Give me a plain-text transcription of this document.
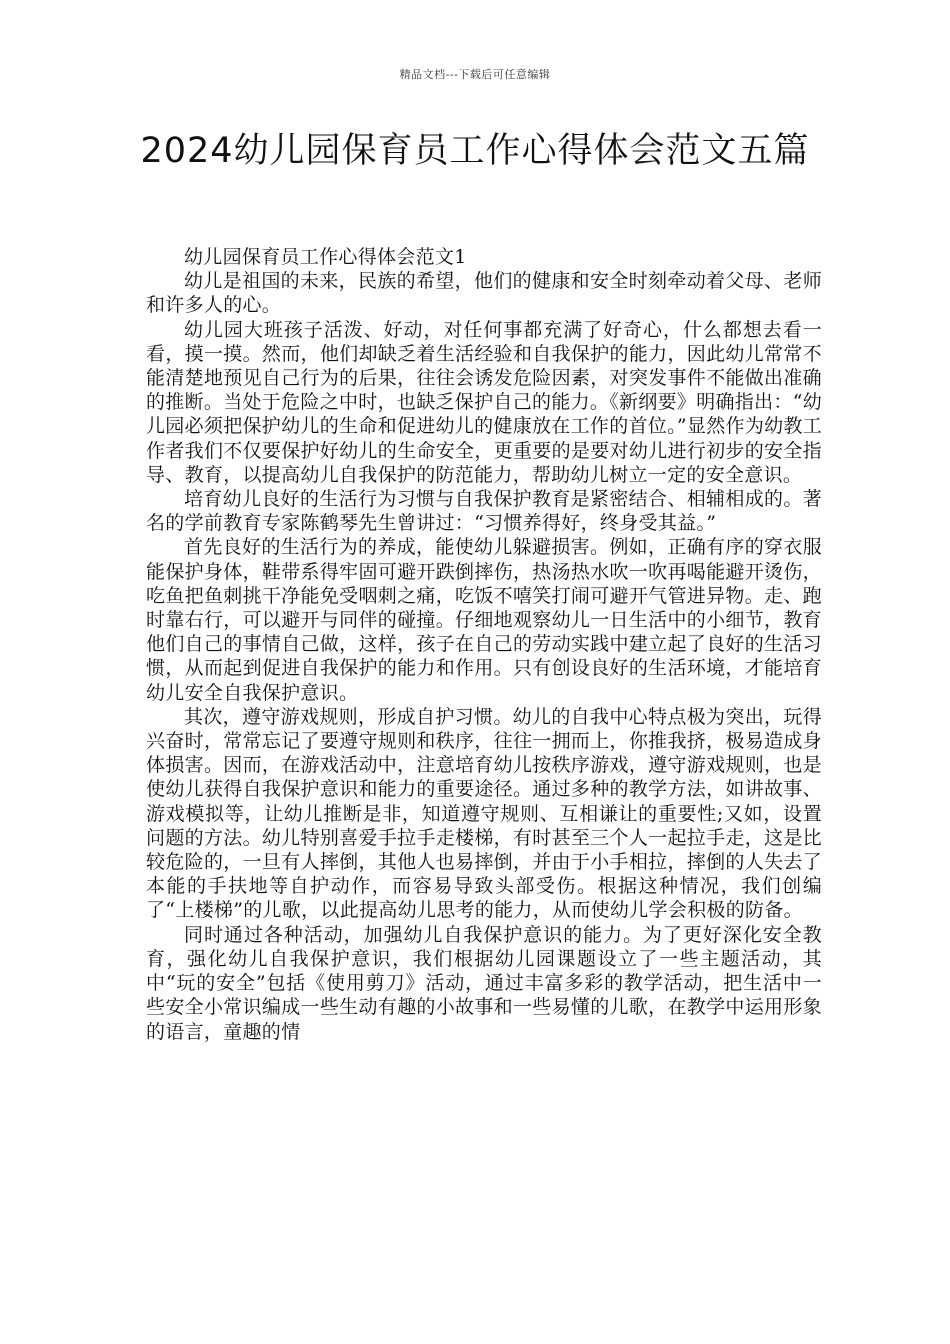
精品文档---下载后可任意编辑
2024幼儿园保育员工作心得体会范文五篇

幼儿园保育员工作心得体会范文1

幼儿是祖国的未来，民族的希望，他们的健康和安全时刻牵动着父母、老师和许多人的心。

幼儿园大班孩子活泼、好动，对任何事都充满了好奇心，什么都想去看一看，摸一摸。然而，他们却缺乏着生活经验和自我保护的能力，因此幼儿常常不能清楚地预见自己行为的后果，往往会诱发危险因素，对突发事件不能做出准确的推断。当处于危险之中时，也缺乏保护自己的能力。《新纲要》明确指出：“幼儿园必须把保护幼儿的生命和促进幼儿的健康放在工作的首位。”显然作为幼教工作者我们不仅要保护好幼儿的生命安全，更重要的是要对幼儿进行初步的安全指导、教育，以提高幼儿自我保护的防范能力，帮助幼儿树立一定的安全意识。

培育幼儿良好的生活行为习惯与自我保护教育是紧密结合、相辅相成的。著名的学前教育专家陈鹤琴先生曾讲过：“习惯养得好，终身受其益。”

首先良好的生活行为的养成，能使幼儿躲避损害。例如，正确有序的穿衣服能保护身体，鞋带系得牢固可避开跌倒摔伤，热汤热水吹一吹再喝能避开烫伤，吃鱼把鱼刺挑干净能免受咽刺之痛，吃饭不嘻笑打闹可避开气管进异物。走、跑时靠右行，可以避开与同伴的碰撞。仔细地观察幼儿一日生活中的小细节，教育他们自己的事情自己做，这样，孩子在自己的劳动实践中建立起了良好的生活习惯，从而起到促进自我保护的能力和作用。只有创设良好的生活环境，才能培育幼儿安全自我保护意识。

其次，遵守游戏规则，形成自护习惯。幼儿的自我中心特点极为突出，玩得兴奋时，常常忘记了要遵守规则和秩序，往往一拥而上，你推我挤，极易造成身体损害。因而，在游戏活动中，注意培育幼儿按秩序游戏，遵守游戏规则，也是使幼儿获得自我保护意识和能力的重要途径。通过多种的教学方法，如讲故事、游戏模拟等，让幼儿推断是非，知道遵守规则、互相谦让的重要性;又如，设置问题的方法。幼儿特别喜爱手拉手走楼梯，有时甚至三个人一起拉手走，这是比较危险的，一旦有人摔倒，其他人也易摔倒，并由于小手相拉，摔倒的人失去了本能的手扶地等自护动作，而容易导致头部受伤。根据这种情况，我们创编了“上楼梯”的儿歌，以此提高幼儿思考的能力，从而使幼儿学会积极的防备。

同时通过各种活动，加强幼儿自我保护意识的能力。为了更好深化安全教育，强化幼儿自我保护意识，我们根据幼儿园课题设立了一些主题活动，其中“玩的安全”包括《使用剪刀》活动，通过丰富多彩的教学活动，把生活中一些安全小常识编成一些生动有趣的小故事和一些易懂的儿歌，在教学中运用形象的语言，童趣的情
